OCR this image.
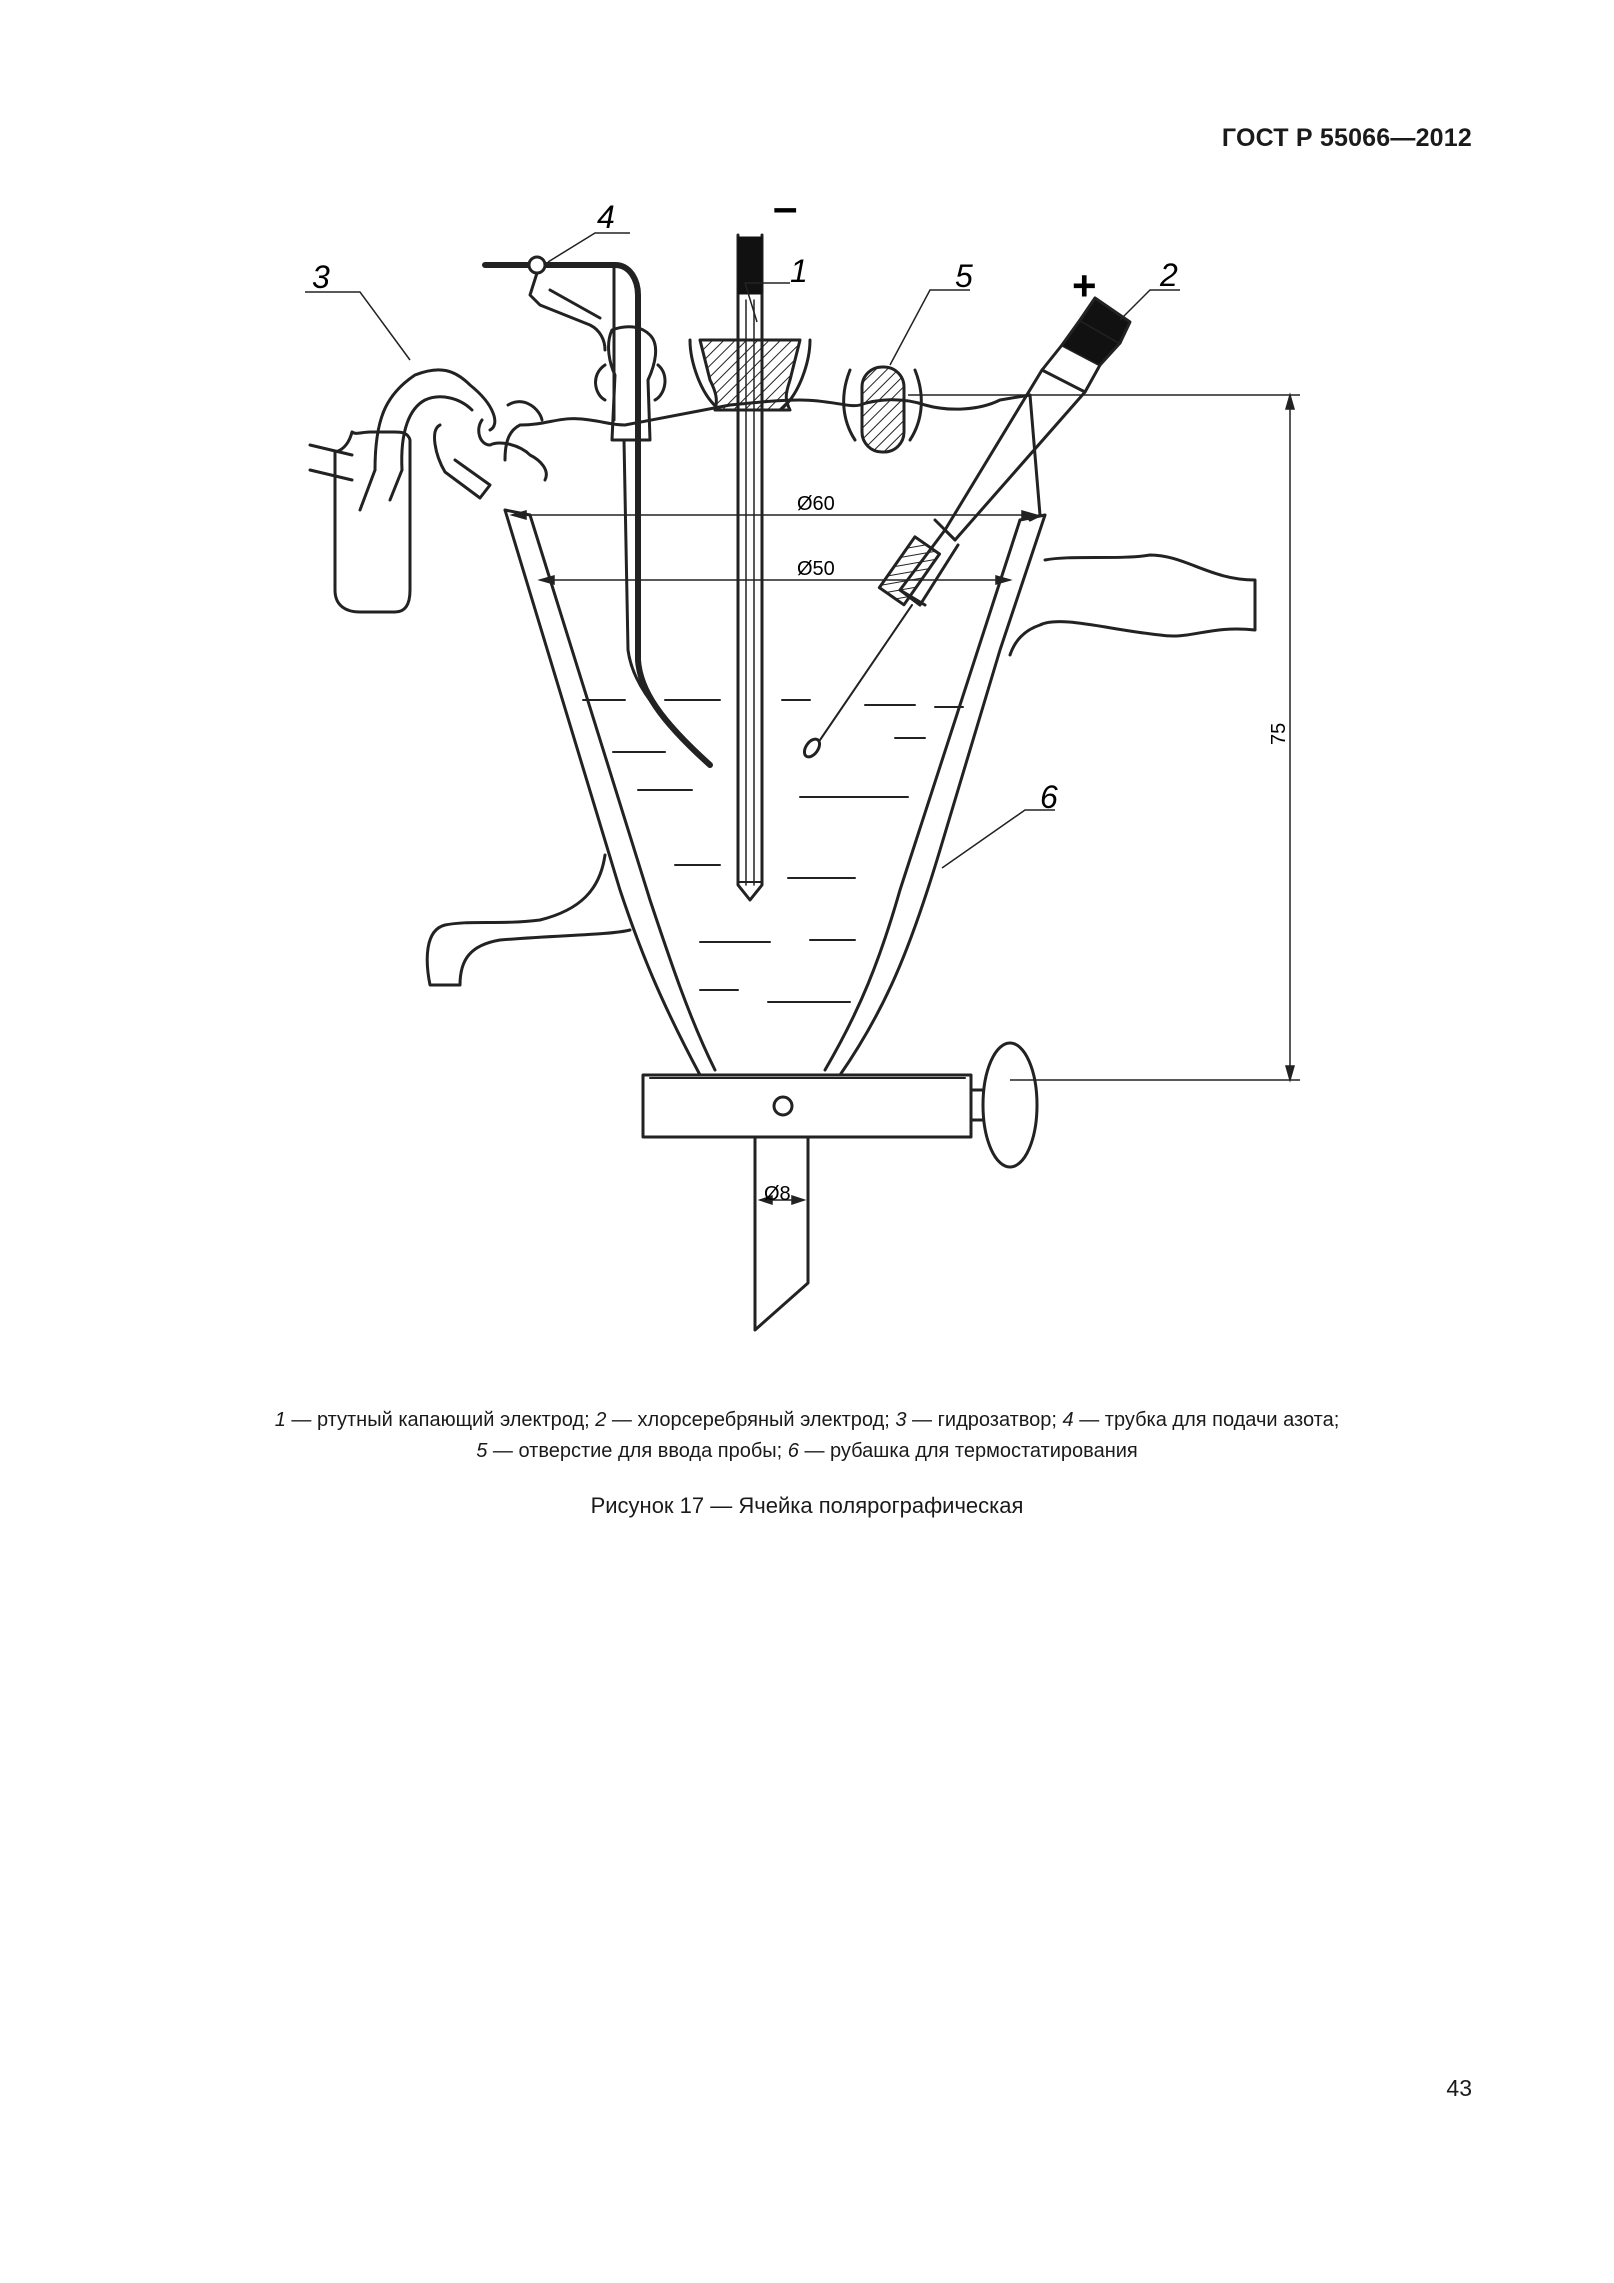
ГОСТ Р 55066—2012
1	2
3
4
5
6
–
+
Ø60
Ø50
Ø8
75
1 — ртутный капающий электрод; 2 — хлорсеребряный электрод; 3 — гидрозатвор; 4 — трубка для подачи азота;
5 — отверстие для ввода пробы; 6 — рубашка для термостатирования
Рисунок 17 — Ячейка полярографическая
43
